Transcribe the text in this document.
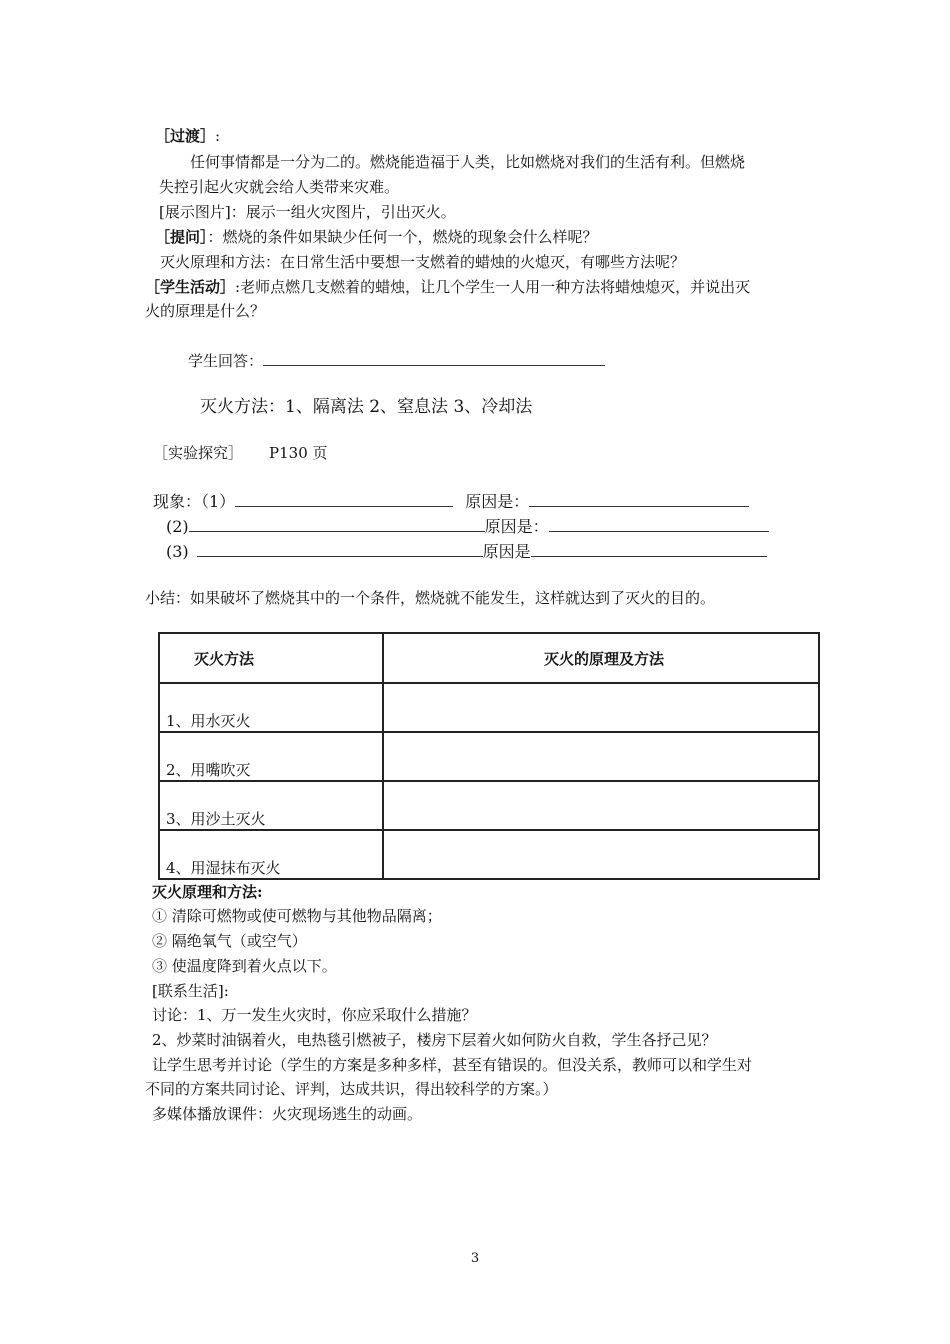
［过渡］:
任何事情都是一分为二的。燃烧能造福于人类，比如燃烧对我们的生活有利。但燃烧
失控引起火灾就会给人类带来灾难。
[展示图片]：展示一组火灾图片，引出灭火。
［提问］：燃烧的条件如果缺少任何一个，燃烧的现象会什么样呢？
灭火原理和方法：在日常生活中要想一支燃着的蜡烛的火熄灭，有哪些方法呢？
［学生活动］:老师点燃几支燃着的蜡烛，让几个学生一人用一种方法将蜡烛熄灭，并说出灭
火的原理是什么？
学生回答：
灭火方法：1、隔离法 2、窒息法 3、冷却法
［实验探究］ P130 页
现象：（1）	原因是：
(2)	原因是：
(3)	原因是
小结：如果破坏了燃烧其中的一个条件，燃烧就不能发生，这样就达到了灭火的目的。
灭火方法	灭火的原理及方法
1、用水灭火	
2、用嘴吹灭	
3、用沙土灭火	
4、用湿抹布灭火	
灭火原理和方法:
① 清除可燃物或使可燃物与其他物品隔离；
② 隔绝氧气（或空气）
③ 使温度降到着火点以下。
[联系生活]:
讨论：1、万一发生火灾时，你应采取什么措施？
2、炒菜时油锅着火，电热毯引燃被子，楼房下层着火如何防火自救，学生各抒己见？
让学生思考并讨论（学生的方案是多种多样，甚至有错误的。但没关系，教师可以和学生对
不同的方案共同讨论、评判，达成共识，得出较科学的方案。）
多媒体播放课件：火灾现场逃生的动画。
3
